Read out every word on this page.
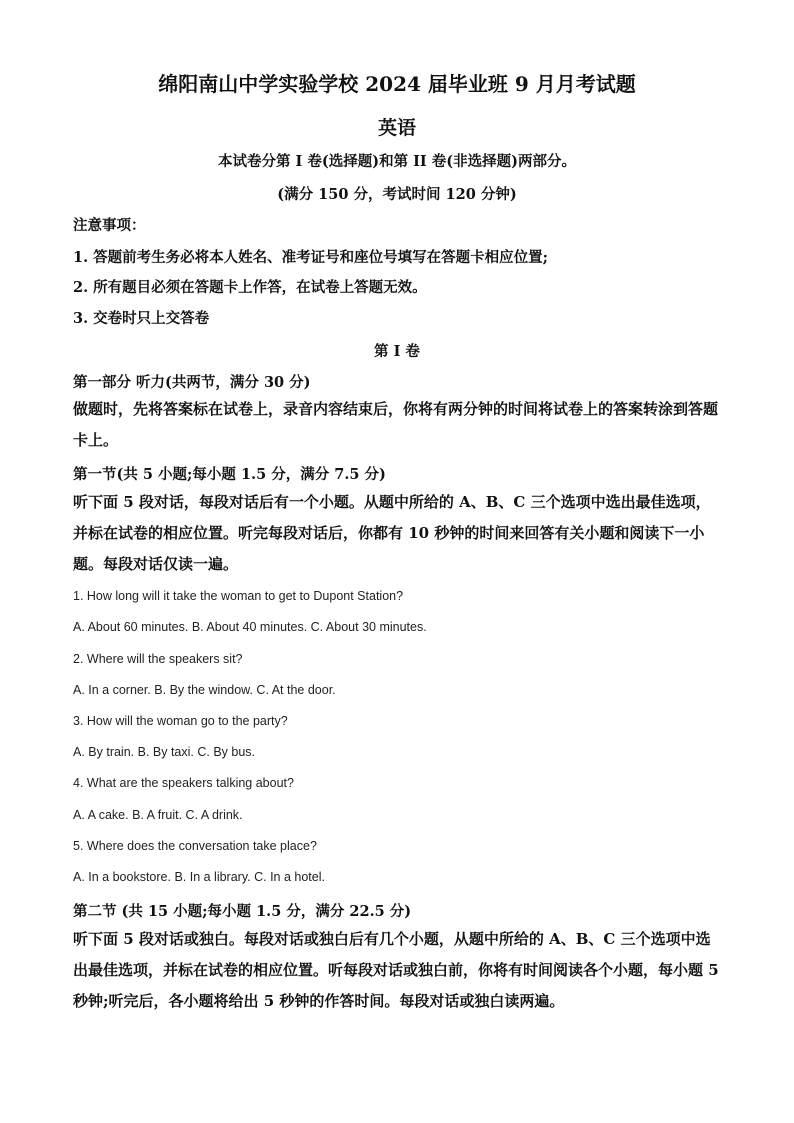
绵阳南山中学实验学校 2024 届毕业班 9 月月考试题
英语
本试卷分第 I 卷(选择题)和第 II 卷(非选择题)两部分。
(满分 150 分，考试时间 120 分钟)
注意事项：
1. 答题前考生务必将本人姓名、准考证号和座位号填写在答题卡相应位置;
2. 所有题目必须在答题卡上作答，在试卷上答题无效。
3. 交卷时只上交答卷
第 I 卷
第一部分 听力(共两节，满分 30 分)
做题时，先将答案标在试卷上，录音内容结束后，你将有两分钟的时间将试卷上的答案转涂到答题卡上。
第一节(共 5 小题;每小题 1.5 分，满分 7.5 分)
听下面 5 段对话，每段对话后有一个小题。从题中所给的 A、B、C 三个选项中选出最佳选项，并标在试卷的相应位置。听完每段对话后，你都有 10 秒钟的时间来回答有关小题和阅读下一小题。每段对话仅读一遍。
1. How long will it take the woman to get to Dupont Station?
A. About 60 minutes. B. About 40 minutes. C. About 30 minutes.
2. Where will the speakers sit?
A. In a corner. B. By the window. C. At the door.
3. How will the woman go to the party?
A. By train. B. By taxi. C. By bus.
4. What are the speakers talking about?
A. A cake. B. A fruit. C. A drink.
5. Where does the conversation take place?
A. In a bookstore. B. In a library. C. In a hotel.
第二节 (共 15 小题;每小题 1.5 分，满分 22.5 分)
听下面 5 段对话或独白。每段对话或独白后有几个小题，从题中所给的 A、B、C 三个选项中选出最佳选项，并标在试卷的相应位置。听每段对话或独白前，你将有时间阅读各个小题，每小题 5 秒钟;听完后，各小题将给出 5 秒钟的作答时间。每段对话或独白读两遍。
